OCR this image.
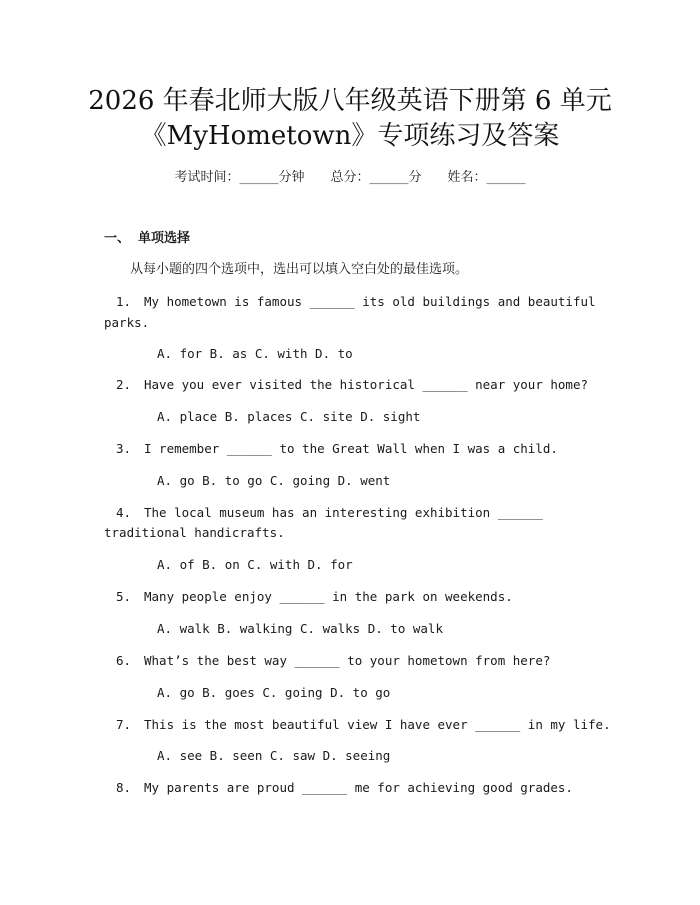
2026 年春北师大版八年级英语下册第 6 单元
《MyHometown》专项练习及答案
考试时间：______分钟 总分：______分 姓名：______
一、 单项选择
从每小题的四个选项中，选出可以填入空白处的最佳选项。
1. My hometown is famous ______ its old buildings and beautiful
parks.
A. for B. as C. with D. to
2. Have you ever visited the historical ______ near your home?
A. place B. places C. site D. sight
3. I remember ______ to the Great Wall when I was a child.
A. go B. to go C. going D. went
4. The local museum has an interesting exhibition ______
traditional handicrafts.
A. of B. on C. with D. for
5. Many people enjoy ______ in the park on weekends.
A. walk B. walking C. walks D. to walk
6. What’s the best way ______ to your hometown from here?
A. go B. goes C. going D. to go
7. This is the most beautiful view I have ever ______ in my life.
A. see B. seen C. saw D. seeing
8. My parents are proud ______ me for achieving good grades.
